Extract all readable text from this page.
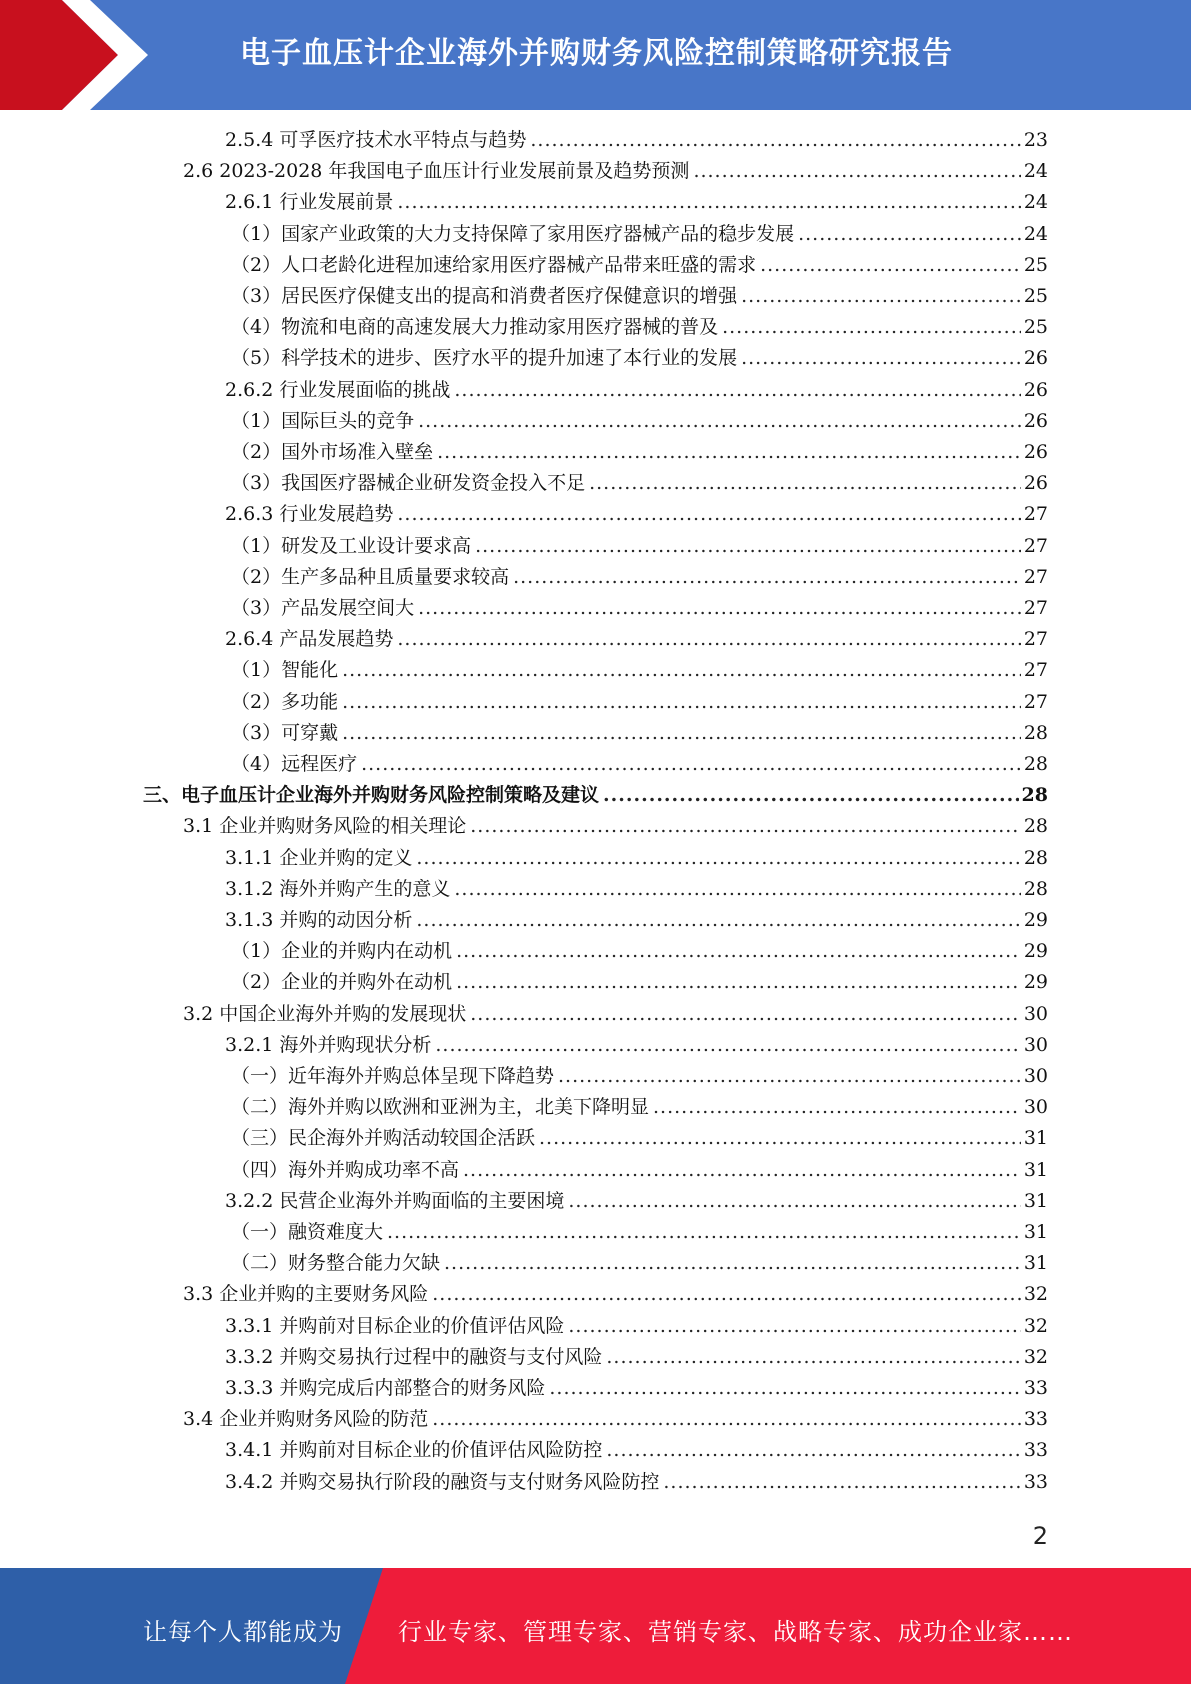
电子血压计企业海外并购财务风险控制策略研究报告
2.5.4 可孚医疗技术水平特点与趋势 .....	23
2.6 2023-2028 年我国电子血压计行业发展前景及趋势预测 .....	24
2.6.1 行业发展前景 .....	24
（1）国家产业政策的大力支持保障了家用医疗器械产品的稳步发展 .....	24
（2）人口老龄化进程加速给家用医疗器械产品带来旺盛的需求 .....	25
（3）居民医疗保健支出的提高和消费者医疗保健意识的增强 .....	25
（4）物流和电商的高速发展大力推动家用医疗器械的普及 .....	25
（5）科学技术的进步、医疗水平的提升加速了本行业的发展 .....	26
2.6.2 行业发展面临的挑战 .....	26
（1）国际巨头的竞争 .....	26
（2）国外市场准入壁垒 .....	26
（3）我国医疗器械企业研发资金投入不足 .....	26
2.6.3 行业发展趋势 .....	27
（1）研发及工业设计要求高 .....	27
（2）生产多品种且质量要求较高 .....	27
（3）产品发展空间大 .....	27
2.6.4 产品发展趋势 .....	27
（1）智能化 .....	27
（2）多功能 .....	27
（3）可穿戴 .....	28
（4）远程医疗 .....	28
三、电子血压计企业海外并购财务风险控制策略及建议 .....	28
3.1 企业并购财务风险的相关理论 .....	28
3.1.1 企业并购的定义 .....	28
3.1.2 海外并购产生的意义 .....	28
3.1.3 并购的动因分析 .....	29
（1）企业的并购内在动机 .....	29
（2）企业的并购外在动机 .....	29
3.2 中国企业海外并购的发展现状 .....	30
3.2.1 海外并购现状分析 .....	30
（一）近年海外并购总体呈现下降趋势 .....	30
（二）海外并购以欧洲和亚洲为主，北美下降明显 .....	30
（三）民企海外并购活动较国企活跃 .....	31
（四）海外并购成功率不高 .....	31
3.2.2 民营企业海外并购面临的主要困境 .....	31
（一）融资难度大 .....	31
（二）财务整合能力欠缺 .....	31
3.3 企业并购的主要财务风险 .....	32
3.3.1 并购前对目标企业的价值评估风险 .....	32
3.3.2 并购交易执行过程中的融资与支付风险 .....	32
3.3.3 并购完成后内部整合的财务风险 .....	33
3.4 企业并购财务风险的防范 .....	33
3.4.1 并购前对目标企业的价值评估风险防控 .....	33
3.4.2 并购交易执行阶段的融资与支付财务风险防控 .....	33
2
让每个人都能成为 行业专家、管理专家、营销专家、战略专家、成功企业家……
